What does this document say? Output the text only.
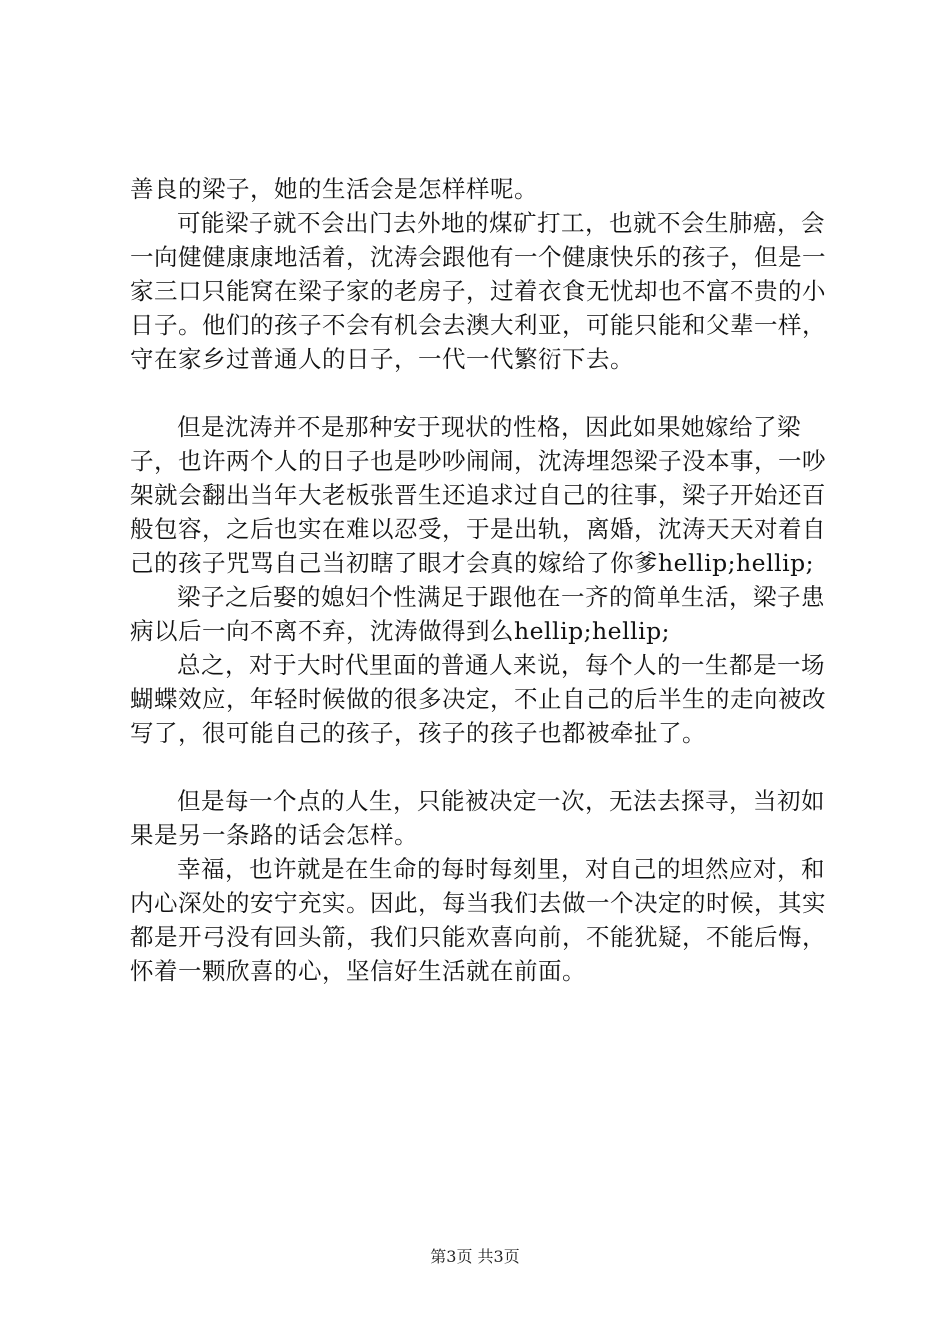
善良的梁子，她的生活会是怎样样呢。

可能梁子就不会出门去外地的煤矿打工，也就不会生肺癌，会一向健健康康地活着，沈涛会跟他有一个健康快乐的孩子，但是一家三口只能窝在梁子家的老房子，过着衣食无忧却也不富不贵的小日子。他们的孩子不会有机会去澳大利亚，可能只能和父辈一样，守在家乡过普通人的日子，一代一代繁衍下去。

但是沈涛并不是那种安于现状的性格，因此如果她嫁给了梁子，也许两个人的日子也是吵吵闹闹，沈涛埋怨梁子没本事，一吵架就会翻出当年大老板张晋生还追求过自己的往事，梁子开始还百般包容，之后也实在难以忍受，于是出轨，离婚，沈涛天天对着自己的孩子咒骂自己当初瞎了眼才会真的嫁给了你爹hellip;hellip;

梁子之后娶的媳妇个性满足于跟他在一齐的简单生活，梁子患病以后一向不离不弃，沈涛做得到么hellip;hellip;

总之，对于大时代里面的普通人来说，每个人的一生都是一场蝴蝶效应，年轻时候做的很多决定，不止自己的后半生的走向被改写了，很可能自己的孩子，孩子的孩子也都被牵扯了。

但是每一个点的人生，只能被决定一次，无法去探寻，当初如果是另一条路的话会怎样。

幸福，也许就是在生命的每时每刻里，对自己的坦然应对，和内心深处的安宁充实。因此，每当我们去做一个决定的时候，其实都是开弓没有回头箭，我们只能欢喜向前，不能犹疑，不能后悔，怀着一颗欣喜的心，坚信好生活就在前面。

第3页 共3页
